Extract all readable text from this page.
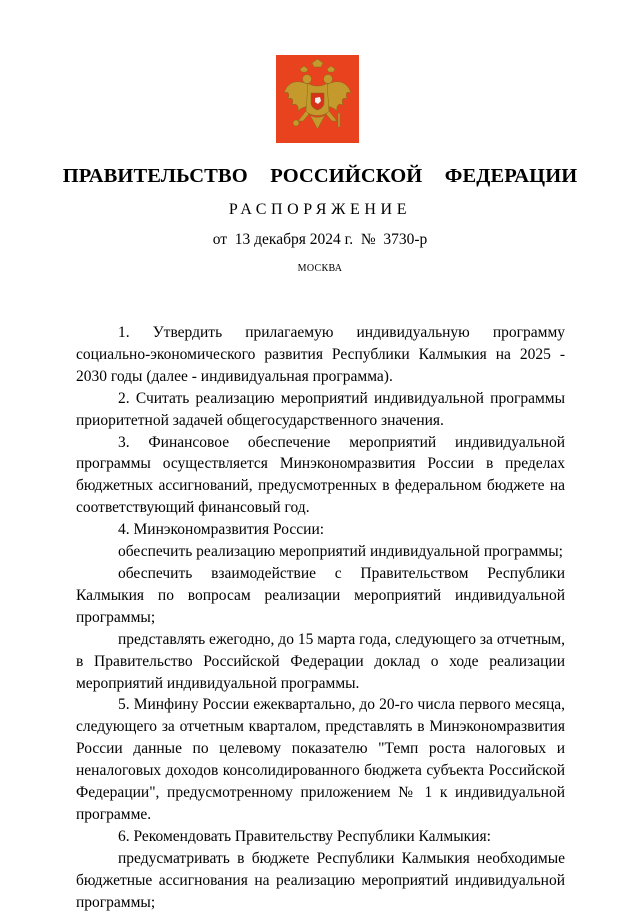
ПРАВИТЕЛЬСТВО  РОССИЙСКОЙ  ФЕДЕРАЦИИ
РАСПОРЯЖЕНИЕ
от  13 декабря 2024 г.  №  3730-р
МОСКВА

1. Утвердить прилагаемую индивидуальную программу социально-экономического развития Республики Калмыкия на 2025 - 2030 годы (далее - индивидуальная программа).

2. Считать реализацию мероприятий индивидуальной программы приоритетной задачей общегосударственного значения.

3. Финансовое обеспечение мероприятий индивидуальной программы осуществляется Минэкономразвития России в пределах бюджетных ассигнований, предусмотренных в федеральном бюджете на соответствующий финансовый год.

4. Минэкономразвития России:

обеспечить реализацию мероприятий индивидуальной программы;

обеспечить взаимодействие с Правительством Республики Калмыкия по вопросам реализации мероприятий индивидуальной программы;

представлять ежегодно, до 15 марта года, следующего за отчетным, в Правительство Российской Федерации доклад о ходе реализации мероприятий индивидуальной программы.

5. Минфину России ежеквартально, до 20-го числа первого месяца, следующего за отчетным кварталом, представлять в Минэкономразвития России данные по целевому показателю "Темп роста налоговых и неналоговых доходов консолидированного бюджета субъекта Российской Федерации", предусмотренному приложением № 1 к индивидуальной программе.

6. Рекомендовать Правительству Республики Калмыкия:

предусматривать в бюджете Республики Калмыкия необходимые бюджетные ассигнования на реализацию мероприятий индивидуальной программы;
